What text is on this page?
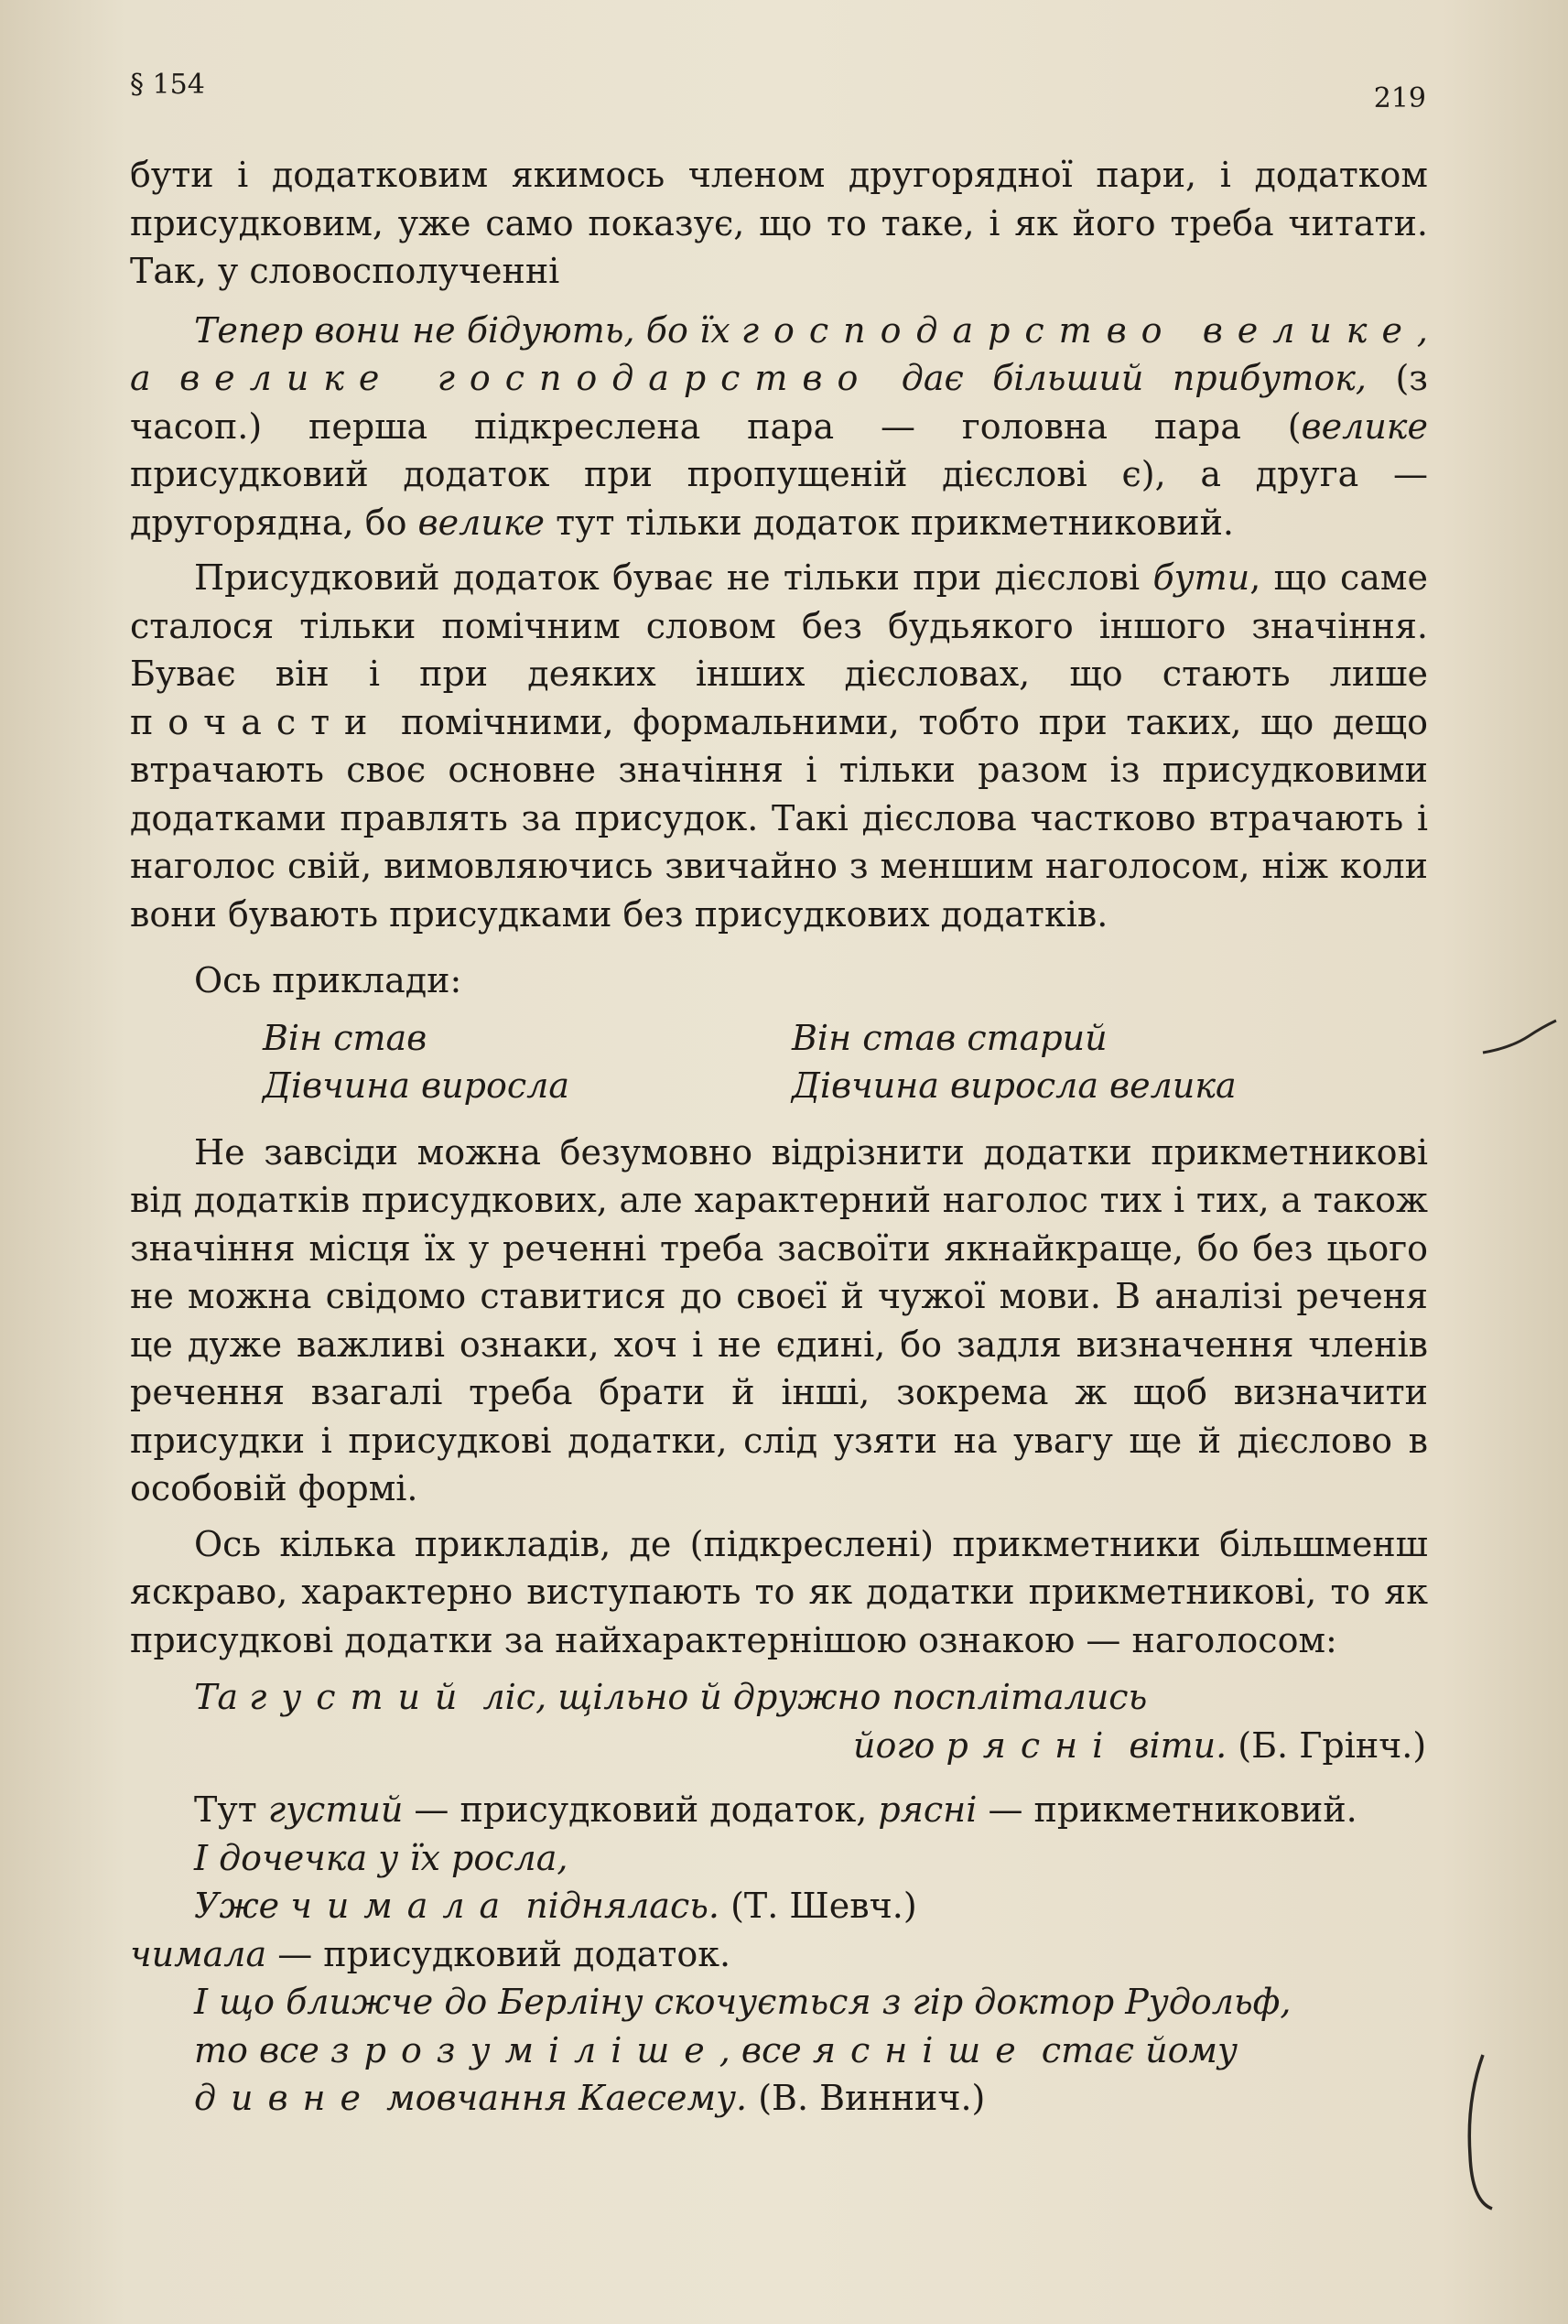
§ 154	219

бути і додатковим якимось членом другорядної пари, і додатком присудковим, уже само показує, що то таке, і як його треба читати. Так, у словосполученні

Тепер вони не бідують, бо їх господарство велике, а велике господарство дає більший прибуток, (з часоп.) перша підкреслена пара — головна пара (велике присудковий додаток при пропущеній дієслові є), а друга — другорядна, бо велике тут тільки додаток прикметниковий.

Присудковий додаток буває не тільки при дієслові бути, що саме сталося тільки помічним словом без будьякого іншого значіння. Буває він і при деяких інших дієсловах, що стають лише почасти помічними, формальними, тобто при таких, що дещо втрачають своє основне значіння і тільки разом із присудковими додатками правлять за присудок. Такі дієслова частково втрачають і наголос свій, вимовляючись звичайно з меншим наголосом, ніж коли вони бувають присудками без присудкових додатків.

Ось приклади:

Він став	Він став старий
Дівчина виросла	Дівчина виросла велика

Не завсіди можна безумовно відрізнити додатки прикметникові від додатків присудкових, але характерний наголос тих і тих, а також значіння місця їх у реченні треба засвоїти якнайкраще, бо без цього не можна свідомо ставитися до своєї й чужої мови. В аналізі реченя це дуже важливі ознаки, хоч і не єдині, бо задля визначення членів речення взагалі треба брати й інші, зокрема ж щоб визначити присудки і присудкові додатки, слід узяти на увагу ще й дієслово в особовій формі.

Ось кілька прикладів, де (підкреслені) прикметники більшменш яскраво, характерно виступають то як додатки прикметникові, то як присудкові додатки за найхарактернішою ознакою — наголосом:

Та густий ліс, щільно й дружно посплітались
його рясні віти. (Б. Грінч.)

Тут густий — присудковий додаток, рясні — прикметниковий.

І дочечка у їх росла,
Уже чимала піднялась. (Т. Шевч.)

чимала — присудковий додаток.

І що ближче до Берліну скочується з гір доктор Рудольф,
то все зрозуміліше, все ясніше стає йому
дивне мовчання Каесему. (В. Виннич.)
